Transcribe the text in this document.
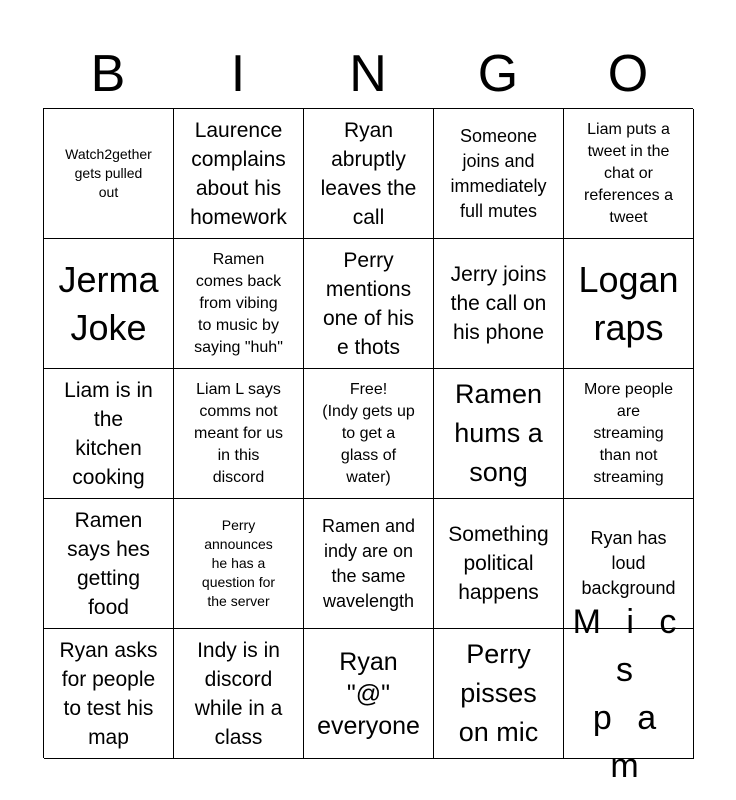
B	I	N	G	O
Watch2gether
gets pulled
out
Laurence
complains
about his
homework
Ryan
abruptly
leaves the
call
Someone
joins and
immediately
full mutes
Liam puts a
tweet in the
chat or
references a
tweet
Jerma
Joke
Ramen
comes back
from vibing
to music by
saying "huh"
Perry
mentions
one of his
e thots
Jerry joins
the call on
his phone
Logan
raps
Liam is in
the
kitchen
cooking
Liam L says
comms not
meant for us
in this
discord
Free!
(Indy gets up
to get a
glass of
water)
Ramen
hums a
song
More people
are
streaming
than not
streaming
Ramen
says hes
getting
food
Perry
announces
he has a
question for
the server
Ramen and
indy are on
the same
wavelength
Something
political
happens
Ryan has
loud
background
Ryan asks
for people
to test his
map
Indy is in
discord
while in a
class
Ryan
"@"
everyone
Perry
pisses
on mic
M i c s
p a m
